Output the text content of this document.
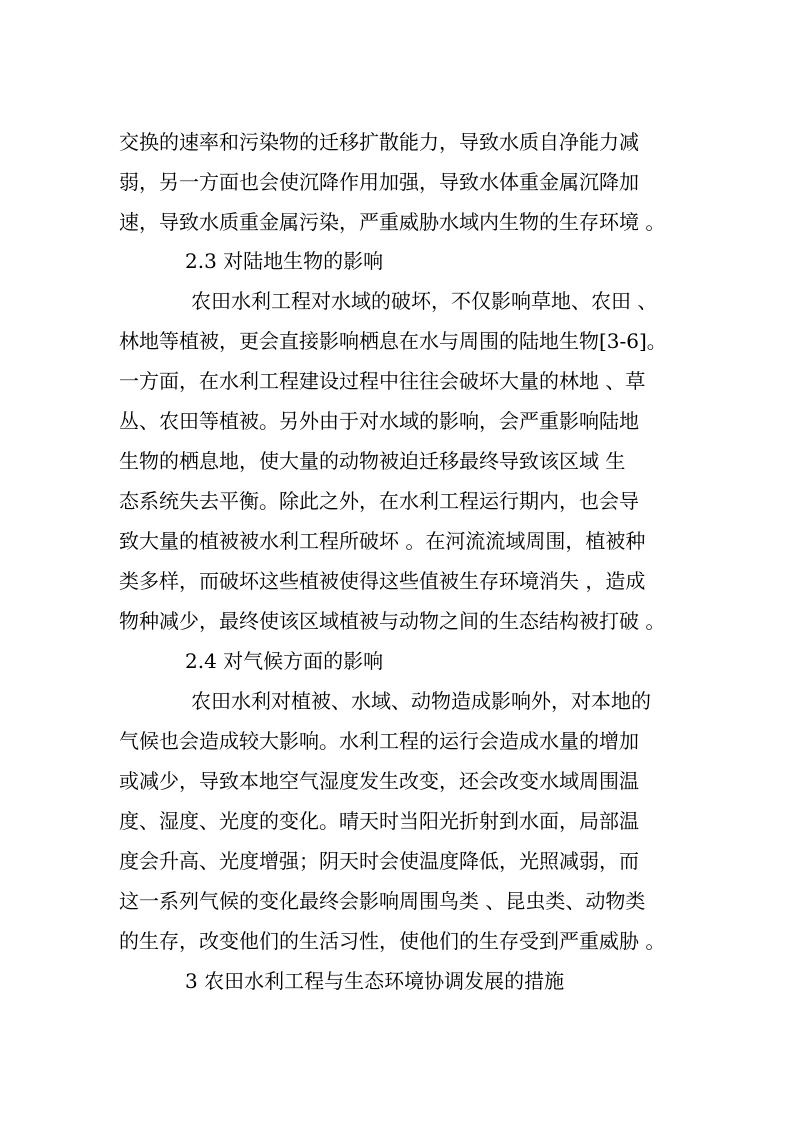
交换的速率和污染物的迁移扩散能力，导致水质自净能力减
弱，另一方面也会使沉降作用加强，导致水体重金属沉降加
速，导致水质重金属污染，严重威胁水域内生物的生存环境 。
2.3 对陆地生物的影响
农田水利工程对水域的破坏，不仅影响草地、农田 、
林地等植被，更会直接影响栖息在水与周围的陆地生物[3-6]。
一方面，在水利工程建设过程中往往会破坏大量的林地 、草
丛、农田等植被。另外由于对水域的影响，会严重影响陆地
生物的栖息地，使大量的动物被迫迁移最终导致该区域 生
态系统失去平衡。除此之外，在水利工程运行期内，也会导
致大量的植被被水利工程所破坏 。在河流流域周围，植被种
类多样，而破坏这些植被使得这些值被生存环境消失 ，造成
物种减少，最终使该区域植被与动物之间的生态结构被打破 。
2.4 对气候方面的影响
农田水利对植被、水域、动物造成影响外，对本地的
气候也会造成较大影响。水利工程的运行会造成水量的增加
或减少，导致本地空气湿度发生改变，还会改变水域周围温
度、湿度、光度的变化。晴天时当阳光折射到水面，局部温
度会升高、光度增强；阴天时会使温度降低，光照减弱，而
这一系列气候的变化最终会影响周围鸟类 、昆虫类、动物类
的生存，改变他们的生活习性，使他们的生存受到严重威胁 。
3 农田水利工程与生态环境协调发展的措施
